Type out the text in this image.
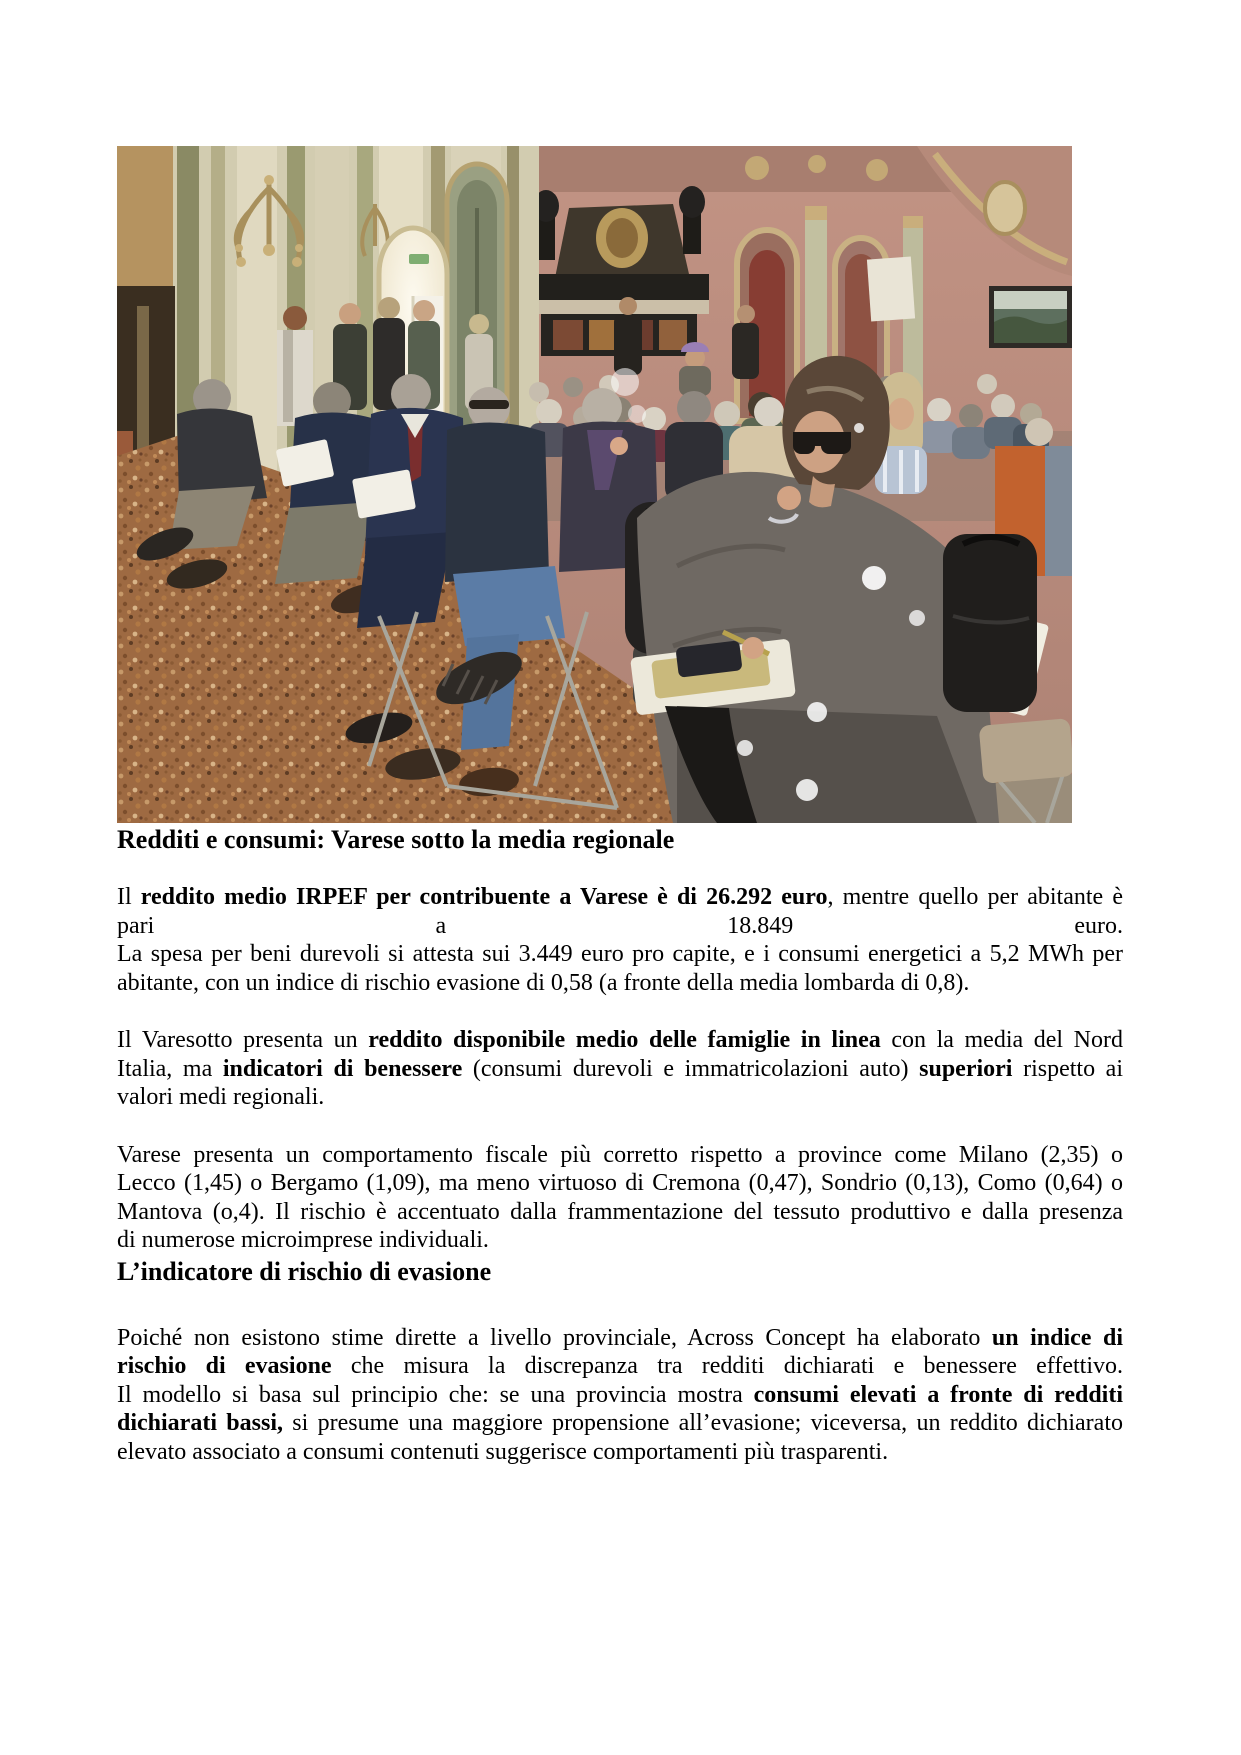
Redditi e consumi: Varese sotto la media regionale
Il reddito medio IRPEF per contribuente a Varese è di 26.292 euro, mentre quello per abitante è
pari a 18.849 euro.
La spesa per beni durevoli si attesta sui 3.449 euro pro capite, e i consumi energetici a 5,2 MWh per
abitante, con un indice di rischio evasione di 0,58 (a fronte della media lombarda di 0,8).
Il Varesotto presenta un reddito disponibile medio delle famiglie in linea con la media del Nord
Italia, ma indicatori di benessere (consumi durevoli e immatricolazioni auto) superiori rispetto ai
valori medi regionali.
Varese presenta un comportamento fiscale più corretto rispetto a province come Milano (2,35) o
Lecco (1,45) o Bergamo (1,09), ma meno virtuoso di Cremona (0,47), Sondrio (0,13), Como (0,64) o
Mantova (o,4). Il rischio è accentuato dalla frammentazione del tessuto produttivo e dalla presenza
di numerose microimprese individuali.
L’indicatore di rischio di evasione
Poiché non esistono stime dirette a livello provinciale, Across Concept ha elaborato un indice di
rischio di evasione che misura la discrepanza tra redditi dichiarati e benessere effettivo.
Il modello si basa sul principio che: se una provincia mostra consumi elevati a fronte di redditi
dichiarati bassi, si presume una maggiore propensione all’evasione; viceversa, un reddito dichiarato
elevato associato a consumi contenuti suggerisce comportamenti più trasparenti.
